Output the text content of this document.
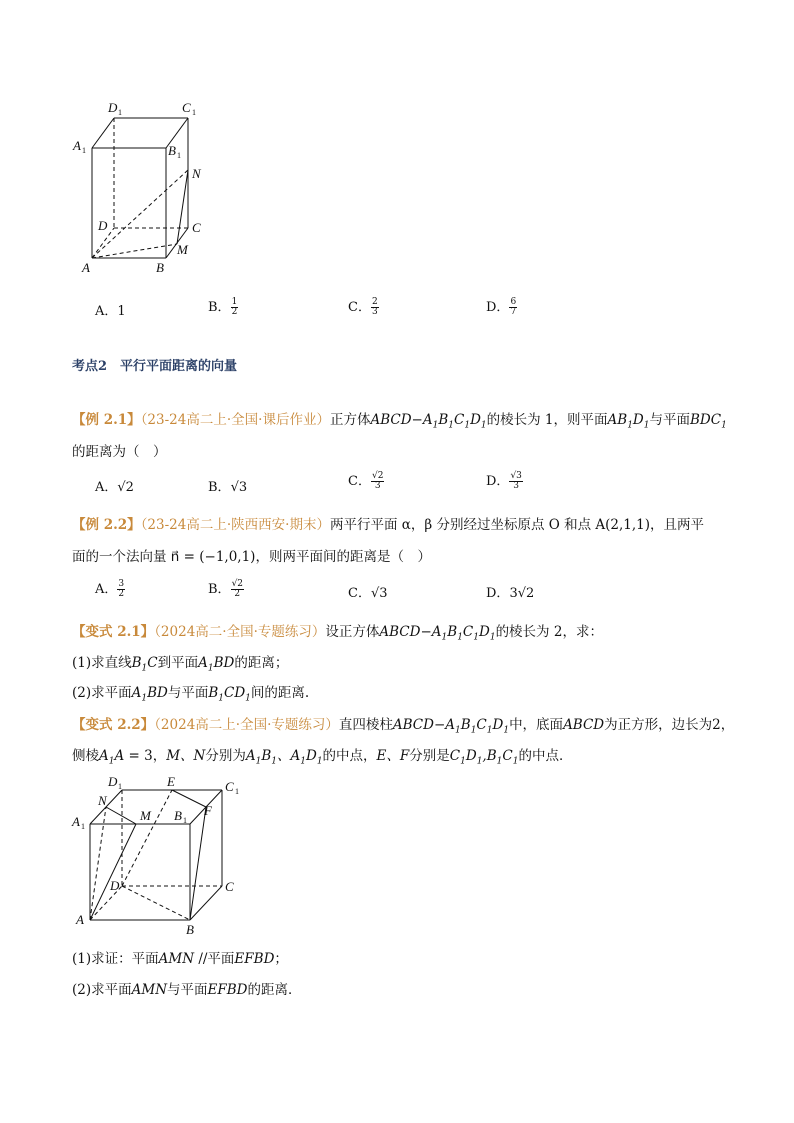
D 1	C 1
A 1	B 1
N
D	C
M
A	B
A．1	B． $\frac{1}{2}$	C． $\frac{2}{3}$	D． $\frac{6}{7}$
考点2　平行平面距离的向量
【例 2.1】（23-24高二上·全国·课后作业）正方体$ABCD-A_1B_1C_1D_1$的棱长为 1，则平面$AB_1D_1$与平面$BDC_1$
的距离为（　）
A．√2	B．√3	C． $\frac{√2}{3}$	D． $\frac{√3}{3}$
【例 2.2】（23-24高二上·陕西西安·期末）两平行平面 α，β 分别经过坐标原点 O 和点 A(2,1,1)，且两平
面的一个法向量 n⃗ = (−1,0,1)，则两平面间的距离是（　）
A． $\frac{3}{2}$	B． $\frac{√2}{2}$	C．√3	D．3√2
【变式 2.1】（2024高二·全国·专题练习）设正方体$ABCD-A_1B_1C_1D_1$的棱长为 2，求：
(1)求直线$B_1C$到平面$A_1BD$的距离；
(2)求平面$A_1BD$与平面$B_1CD_1$间的距离.
【变式 2.2】（2024高二上·全国·专题练习）直四棱柱$ABCD-A_1B_1C_1D_1$中，底面ABCD为正方形，边长为2，
侧棱$A_1A = 3$，M、N分别为$A_1B_1$、$A_1D_1$的中点，E、F分别是$C_1D_1,B_1C_1$的中点．
D 1	E	C 1
N
M B 1
F
A 1
D	C
A
B
(1)求证：平面AMN //平面EFBD；
(2)求平面AMN与平面EFBD的距离．
